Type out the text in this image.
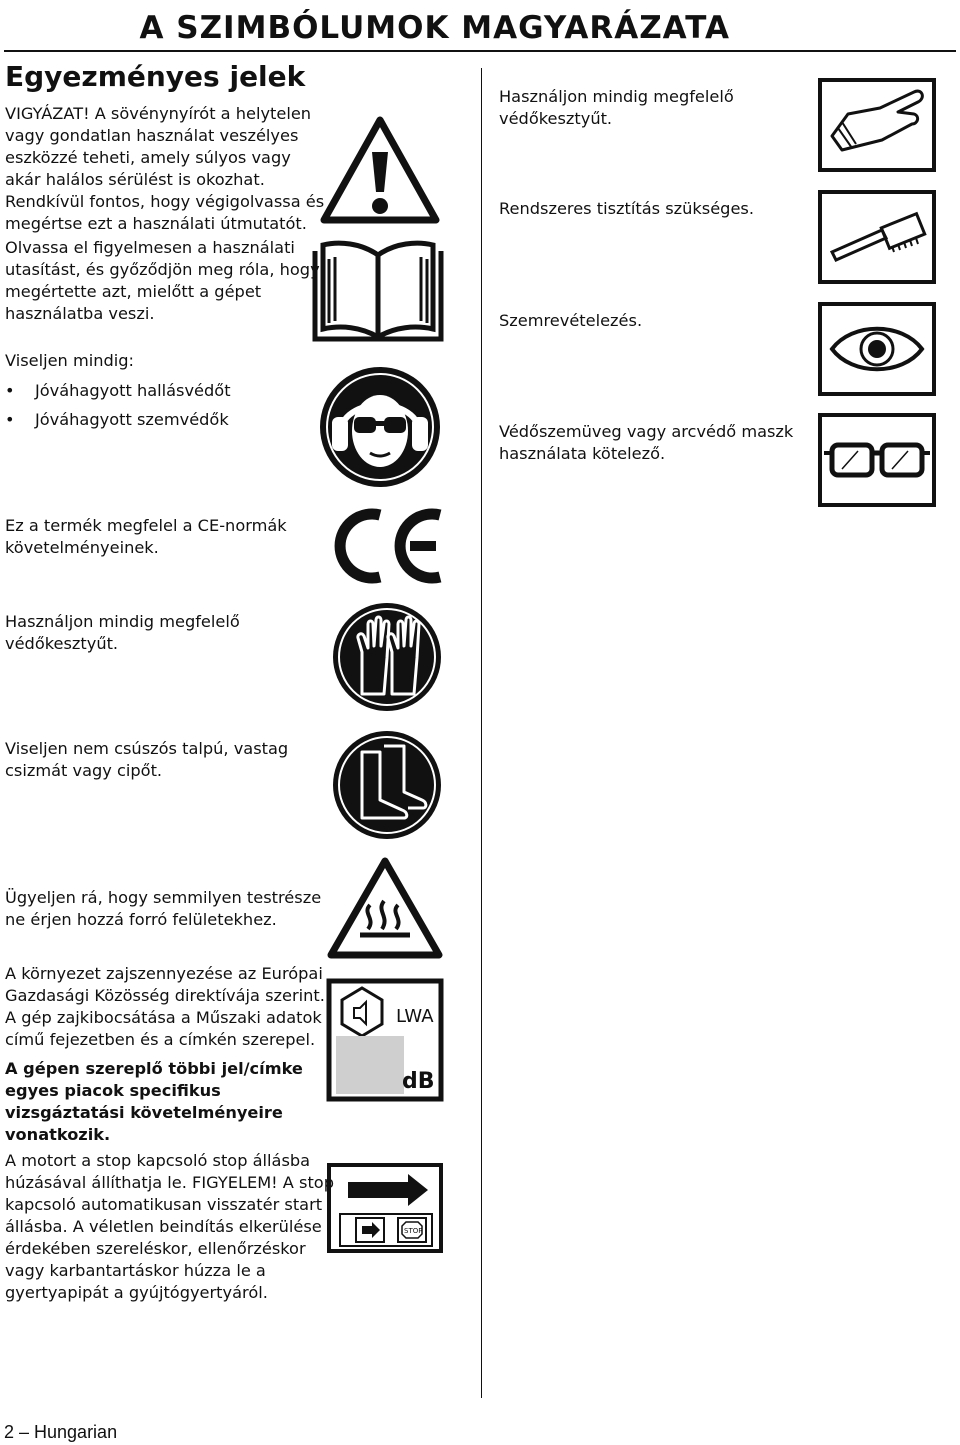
A SZIMBÓLUMOK MAGYARÁZATA
Egyezményes jelek
VIGYÁZAT! A sövénynyírót a helytelen
vagy gondatlan használat veszélyes
eszközzé teheti, amely súlyos vagy
akár halálos sérülést is okozhat.
Rendkívül fontos, hogy végigolvassa és
megértse ezt a használati útmutatót.
Olvassa el figyelmesen a használati
utasítást, és győződjön meg róla, hogy
megértette azt, mielőtt a gépet
használatba veszi.
Viseljen mindig:
• Jóváhagyott hallásvédőt
• Jóváhagyott szemvédők
Ez a termék megfelel a CE-normák
követelményeinek.
Használjon mindig megfelelő
védőkesztyűt.
Viseljen nem csúszós talpú, vastag
csizmát vagy cipőt.
Ügyeljen rá, hogy semmilyen testrésze
ne érjen hozzá forró felületekhez.
A környezet zajszennyezése az Európai
Gazdasági Közösség direktívája szerint.
A gép zajkibocsátása a Műszaki adatok
című fejezetben és a címkén szerepel.
A gépen szereplő többi jel/címke
egyes piacok specifikus
vizsgáztatási követelményeire
vonatkozik.
A motort a stop kapcsoló stop állásba
húzásával állíthatja le. FIGYELEM! A stop
kapcsoló automatikusan visszatér start
állásba. A véletlen beindítás elkerülése
érdekében szereléskor, ellenőrzéskor
vagy karbantartáskor húzza le a
gyertyapipát a gyújtógyertyáról.
Használjon mindig megfelelő
védőkesztyűt.
Rendszeres tisztítás szükséges.
Szemrevételezés.
Védőszemüveg vagy arcvédő maszk
használata kötelező.
LWA
dB
STOP
2 – Hungarian
